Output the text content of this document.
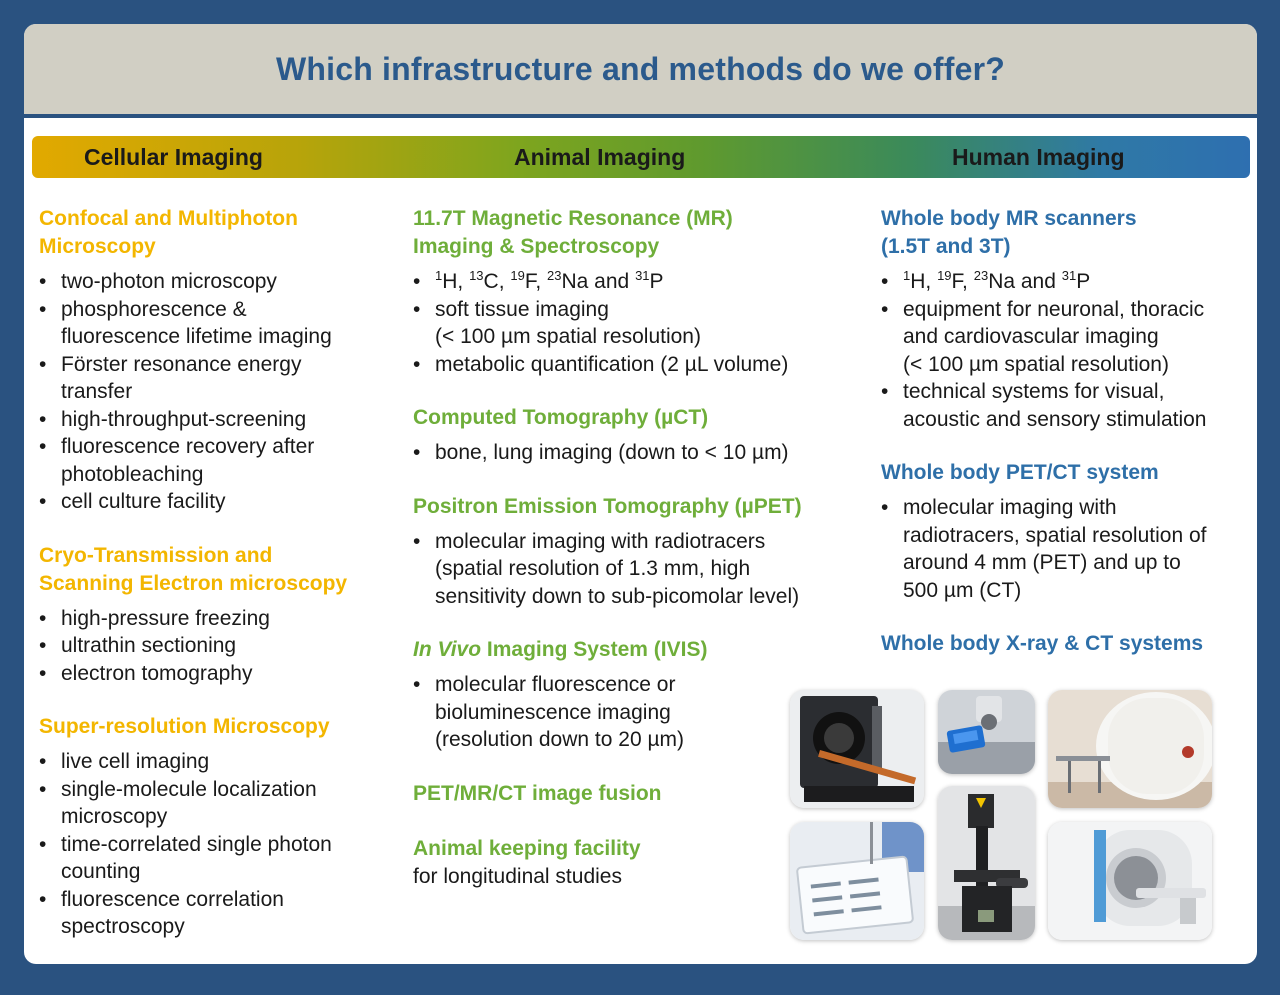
Which infrastructure and methods do we offer?
Cellular Imaging	Animal Imaging	Human Imaging
Confocal and Multiphoton
Microscopy
• two-photon microscopy
• phosphorescence &
fluorescence lifetime imaging
• Förster resonance energy
transfer
• high-throughput-screening
• fluorescence recovery after
photobleaching
• cell culture facility
Cryo-Transmission and
Scanning Electron microscopy
• high-pressure freezing
• ultrathin sectioning
• electron tomography
Super-resolution Microscopy
• live cell imaging
• single-molecule localization
microscopy
• time-correlated single photon
counting
• fluorescence correlation
spectroscopy
11.7T Magnetic Resonance (MR)
Imaging & Spectroscopy
• $^1$H, $^{13}$C, $^{19}$F, $^{23}$Na and $^{31}$P
• soft tissue imaging
(< 100 µm spatial resolution)
• metabolic quantification (2 µL volume)
Computed Tomography (µCT)
• bone, lung imaging (down to < 10 µm)
Positron Emission Tomography (µPET)
• molecular imaging with radiotracers
(spatial resolution of 1.3 mm, high
sensitivity down to sub-picomolar level)
In Vivo Imaging System (IVIS)
• molecular fluorescence or
bioluminescence imaging
(resolution down to 20 µm)
PET/MR/CT image fusion
Animal keeping facility
for longitudinal studies
Whole body MR scanners
(1.5T and 3T)
• $^1$H, $^{19}$F, $^{23}$Na and $^{31}$P
• equipment for neuronal, thoracic
and cardiovascular imaging
(< 100 µm spatial resolution)
• technical systems for visual,
acoustic and sensory stimulation
Whole body PET/CT system
• molecular imaging with
radiotracers, spatial resolution of
around 4 mm (PET) and up to
500 µm (CT)
Whole body X-ray & CT systems
